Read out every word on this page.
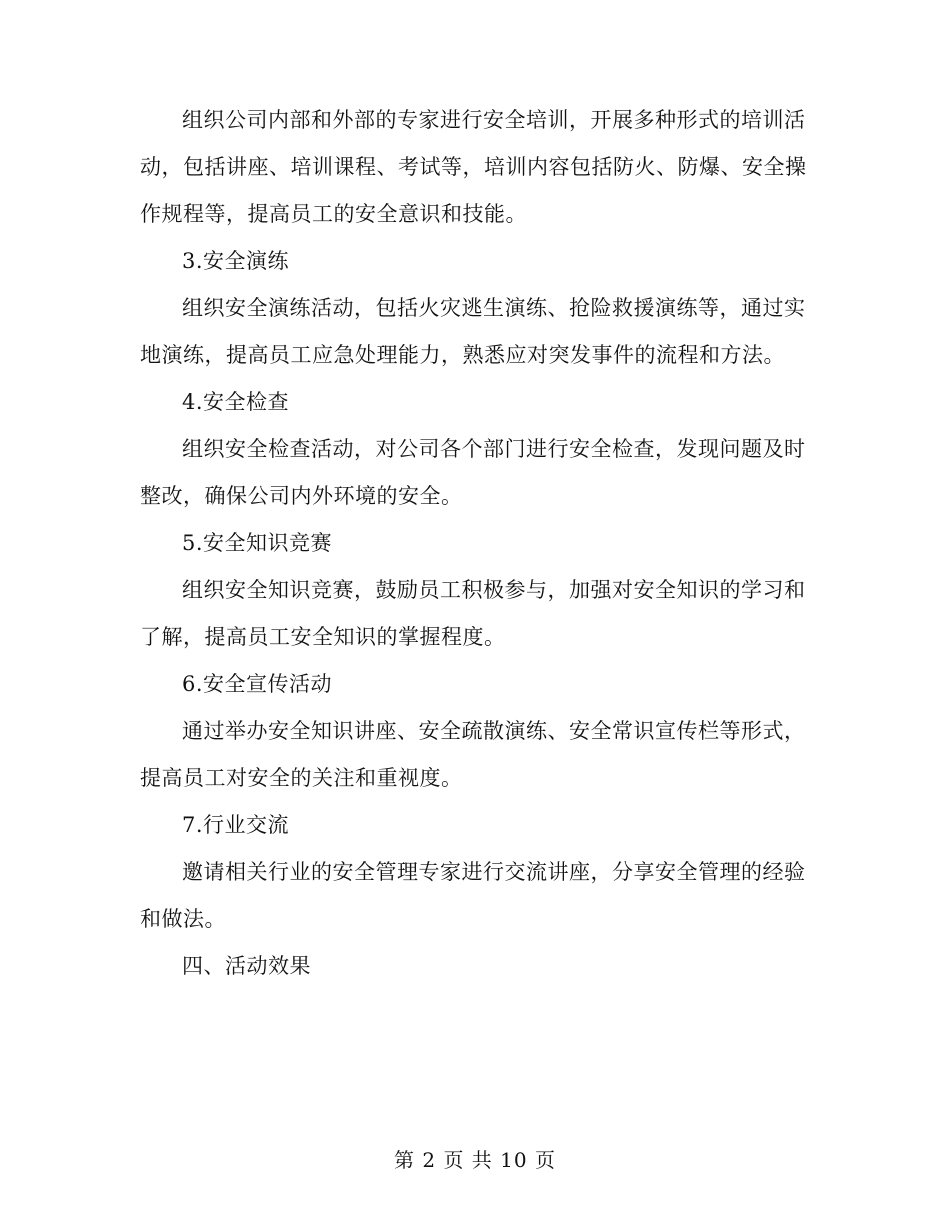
组织公司内部和外部的专家进行安全培训，开展多种形式的培训活动，包括讲座、培训课程、考试等，培训内容包括防火、防爆、安全操作规程等，提高员工的安全意识和技能。

3.安全演练

组织安全演练活动，包括火灾逃生演练、抢险救援演练等，通过实地演练，提高员工应急处理能力，熟悉应对突发事件的流程和方法。

4.安全检查

组织安全检查活动，对公司各个部门进行安全检查，发现问题及时整改，确保公司内外环境的安全。

5.安全知识竞赛

组织安全知识竞赛，鼓励员工积极参与，加强对安全知识的学习和了解，提高员工安全知识的掌握程度。

6.安全宣传活动

通过举办安全知识讲座、安全疏散演练、安全常识宣传栏等形式，提高员工对安全的关注和重视度。

7.行业交流

邀请相关行业的安全管理专家进行交流讲座，分享安全管理的经验和做法。

四、活动效果

第 2 页 共 10 页
